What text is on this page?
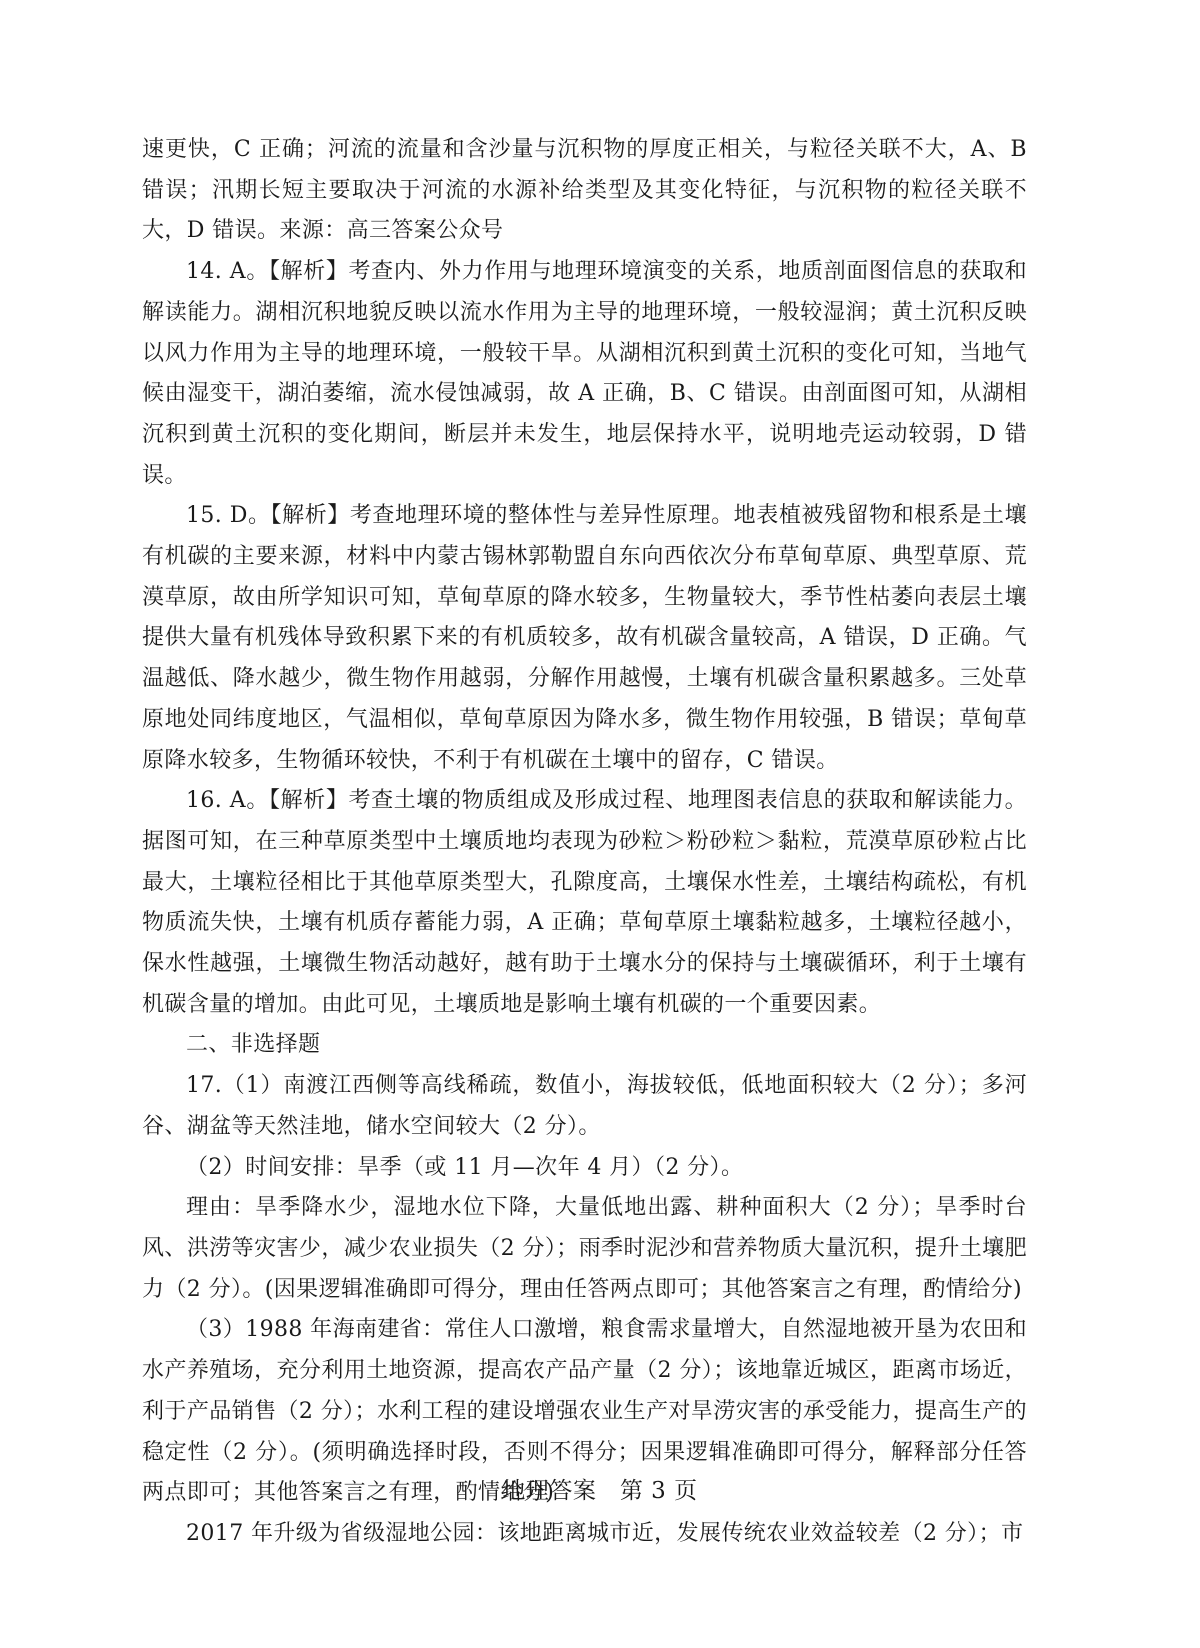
速更快，C 正确；河流的流量和含沙量与沉积物的厚度正相关，与粒径关联不大，A、B 错误；汛期长短主要取决于河流的水源补给类型及其变化特征，与沉积物的粒径关联不大，D 错误。来源：高三答案公众号

14. A。【解析】考查内、外力作用与地理环境演变的关系，地质剖面图信息的获取和解读能力。湖相沉积地貌反映以流水作用为主导的地理环境，一般较湿润；黄土沉积反映以风力作用为主导的地理环境，一般较干旱。从湖相沉积到黄土沉积的变化可知，当地气候由湿变干，湖泊萎缩，流水侵蚀减弱，故 A 正确，B、C 错误。由剖面图可知，从湖相沉积到黄土沉积的变化期间，断层并未发生，地层保持水平，说明地壳运动较弱，D 错误。

15. D。【解析】考查地理环境的整体性与差异性原理。地表植被残留物和根系是土壤有机碳的主要来源，材料中内蒙古锡林郭勒盟自东向西依次分布草甸草原、典型草原、荒漠草原，故由所学知识可知，草甸草原的降水较多，生物量较大，季节性枯萎向表层土壤提供大量有机残体导致积累下来的有机质较多，故有机碳含量较高，A 错误，D 正确。气温越低、降水越少，微生物作用越弱，分解作用越慢，土壤有机碳含量积累越多。三处草原地处同纬度地区，气温相似，草甸草原因为降水多，微生物作用较强，B 错误；草甸草原降水较多，生物循环较快，不利于有机碳在土壤中的留存，C 错误。

16. A。【解析】考查土壤的物质组成及形成过程、地理图表信息的获取和解读能力。据图可知，在三种草原类型中土壤质地均表现为砂粒＞粉砂粒＞黏粒，荒漠草原砂粒占比最大，土壤粒径相比于其他草原类型大，孔隙度高，土壤保水性差，土壤结构疏松，有机物质流失快，土壤有机质存蓄能力弱，A 正确；草甸草原土壤黏粒越多，土壤粒径越小，保水性越强，土壤微生物活动越好，越有助于土壤水分的保持与土壤碳循环，利于土壤有机碳含量的增加。由此可见，土壤质地是影响土壤有机碳的一个重要因素。

二、非选择题

17.（1）南渡江西侧等高线稀疏，数值小，海拔较低，低地面积较大（2 分）；多河谷、湖盆等天然洼地，储水空间较大（2 分）。

（2）时间安排：旱季（或 11 月—次年 4 月）（2 分）。

理由：旱季降水少，湿地水位下降，大量低地出露、耕种面积大（2 分）；旱季时台风、洪涝等灾害少，减少农业损失（2 分）；雨季时泥沙和营养物质大量沉积，提升土壤肥力（2 分）。(因果逻辑准确即可得分，理由任答两点即可；其他答案言之有理，酌情给分)

（3）1988 年海南建省：常住人口激增，粮食需求量增大，自然湿地被开垦为农田和水产养殖场，充分利用土地资源，提高农产品产量（2 分）；该地靠近城区，距离市场近，利于产品销售（2 分）；水利工程的建设增强农业生产对旱涝灾害的承受能力，提高生产的稳定性（2 分）。(须明确选择时段，否则不得分；因果逻辑准确即可得分，解释部分任答两点即可；其他答案言之有理，酌情给分)

2017 年升级为省级湿地公园：该地距离城市近，发展传统农业效益较差（2 分）；市

地理答案　第 3 页
